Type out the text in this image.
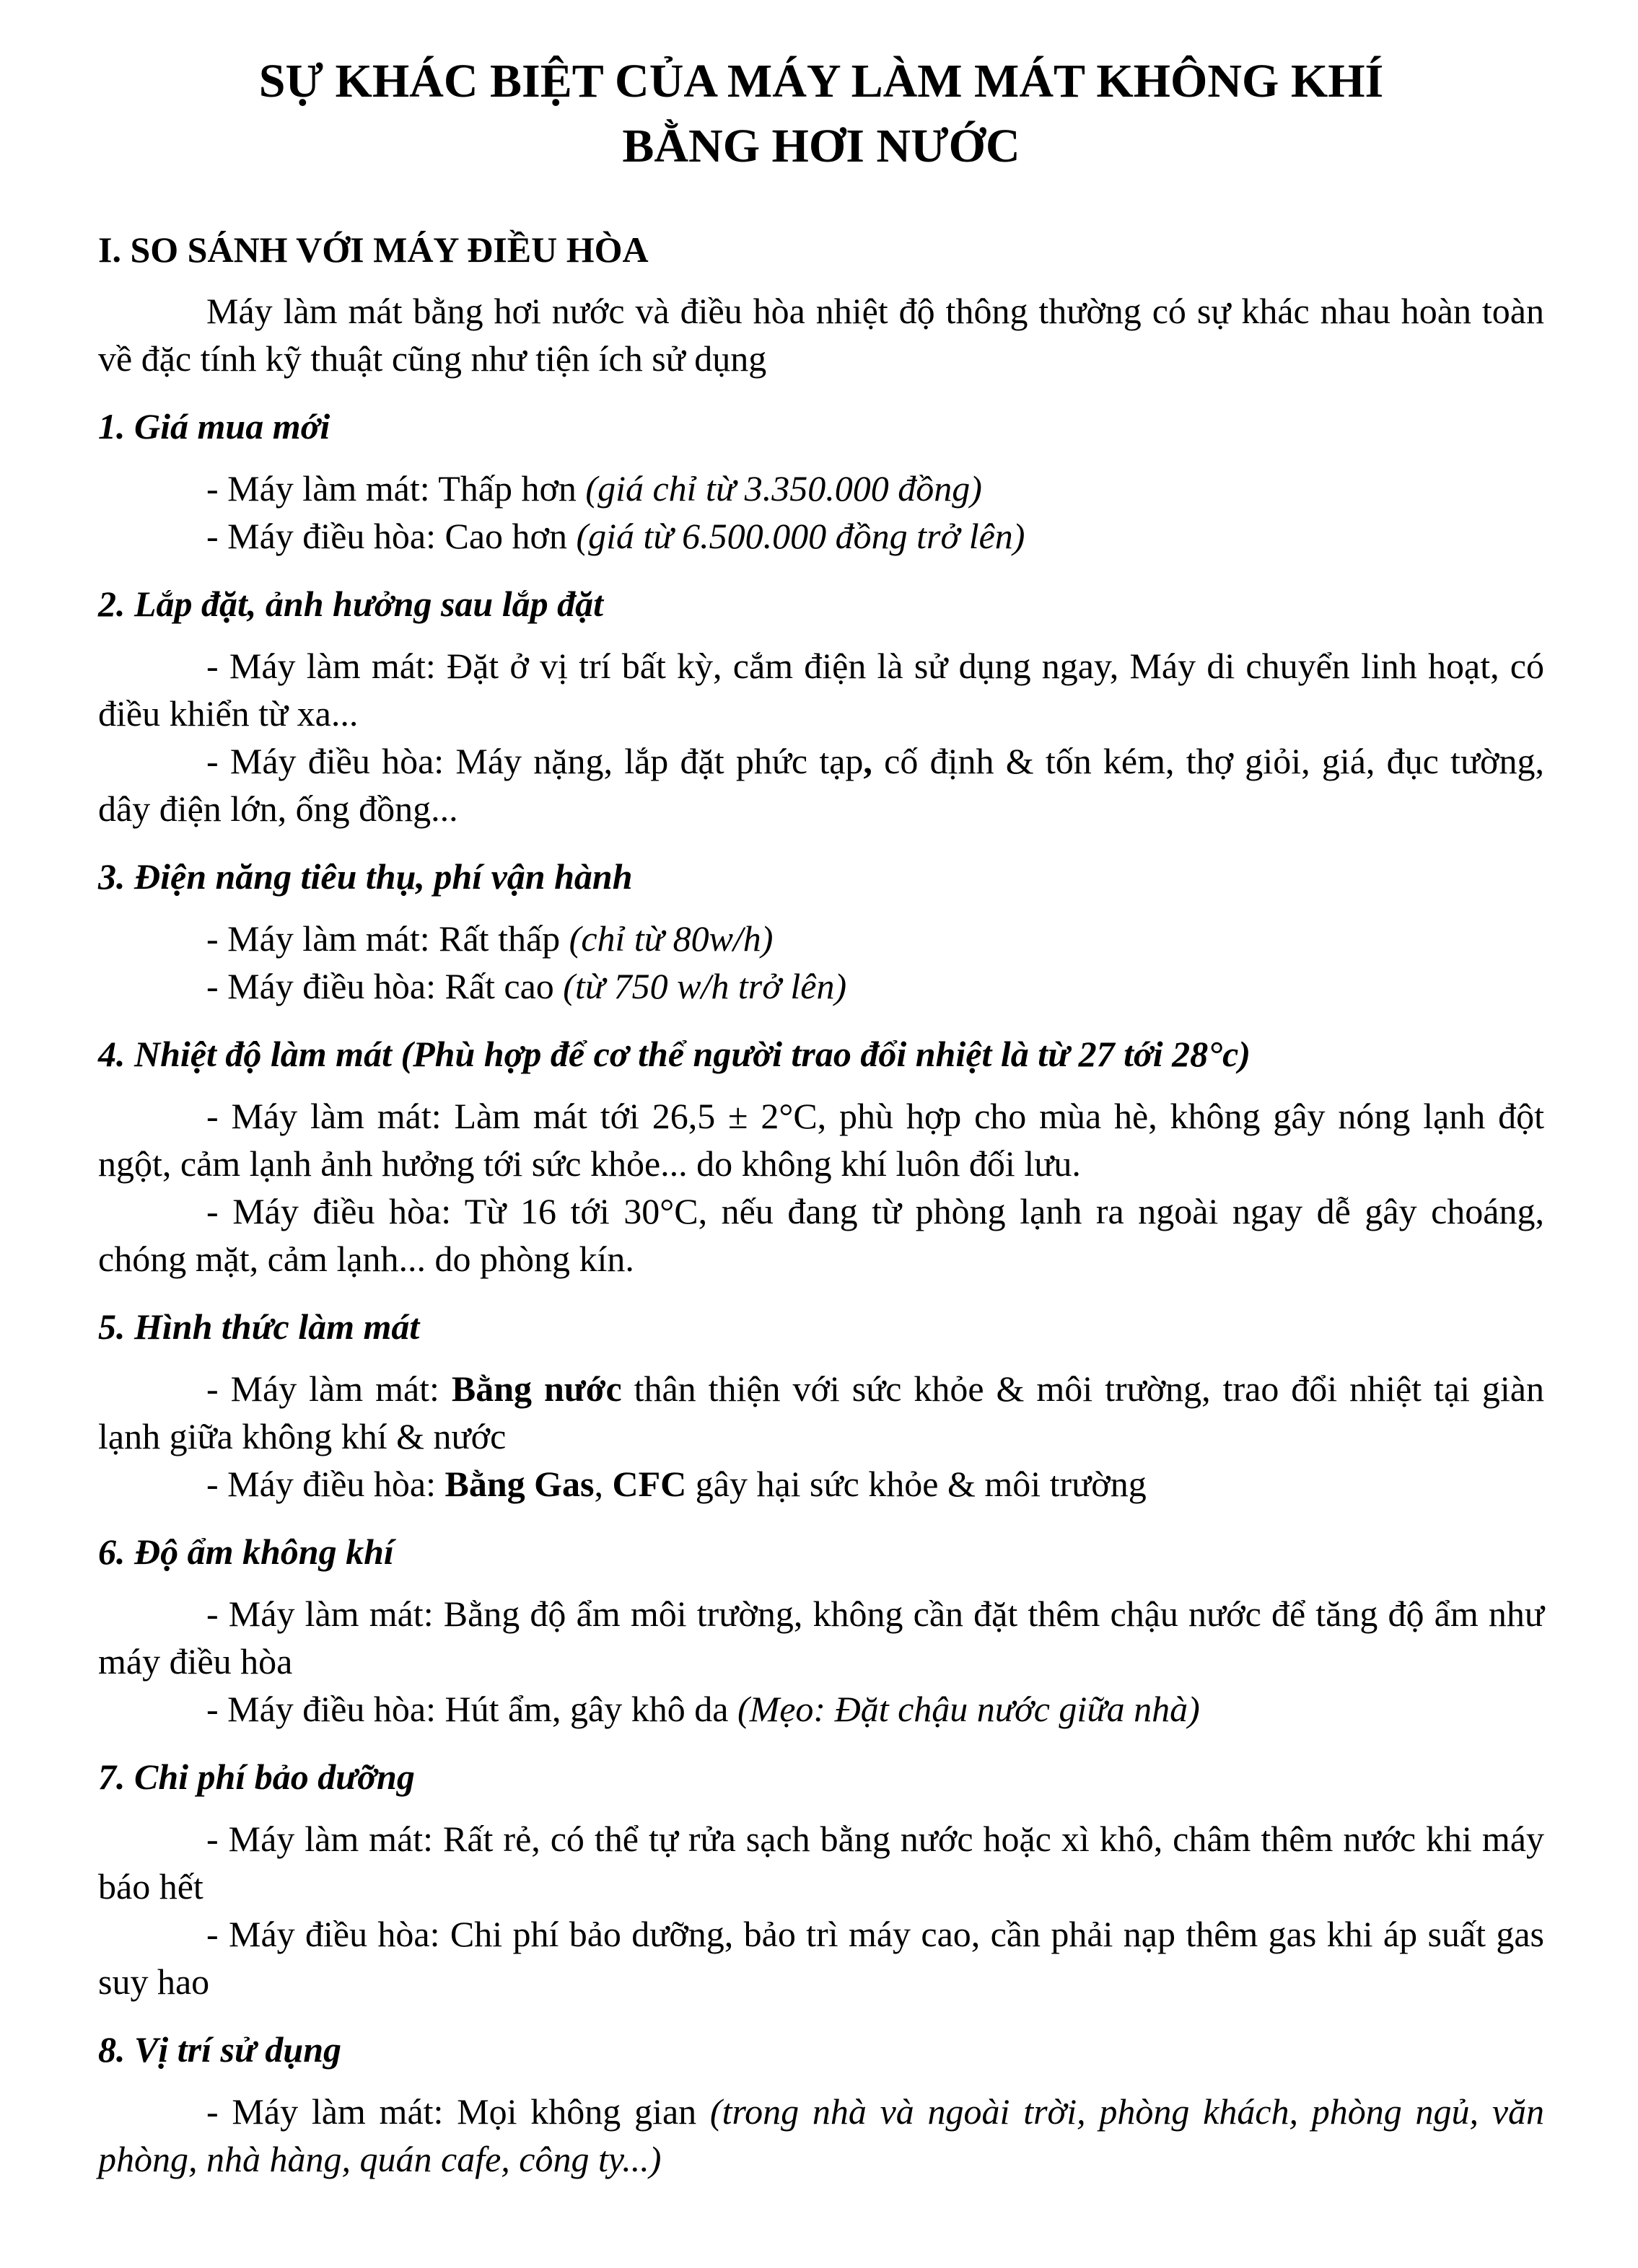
SỰ KHÁC BIỆT CỦA MÁY LÀM MÁT KHÔNG KHÍ
BẰNG HƠI NƯỚC
I. SO SÁNH VỚI MÁY ĐIỀU HÒA

Máy làm mát bằng hơi nước và điều hòa nhiệt độ thông thường có sự khác nhau hoàn toàn về đặc tính kỹ thuật cũng như tiện ích sử dụng

1. Giá mua mới

- Máy làm mát: Thấp hơn (giá chỉ từ 3.350.000 đồng)

- Máy điều hòa: Cao hơn (giá từ 6.500.000 đồng trở lên)

2. Lắp đặt, ảnh hưởng sau lắp đặt

- Máy làm mát: Đặt ở vị trí bất kỳ, cắm điện là sử dụng ngay, Máy di chuyển linh hoạt, có điều khiển từ xa...

- Máy điều hòa: Máy nặng, lắp đặt phức tạp, cố định & tốn kém, thợ giỏi, giá, đục tường, dây điện lớn, ống đồng...

3. Điện năng tiêu thụ, phí vận hành

- Máy làm mát: Rất thấp (chỉ từ 80w/h)

- Máy điều hòa: Rất cao (từ 750 w/h trở lên)

4. Nhiệt độ làm mát (Phù hợp để cơ thể người trao đổi nhiệt là từ 27 tới 28°c)

- Máy làm mát: Làm mát tới 26,5 ± 2°C, phù hợp cho mùa hè, không gây nóng lạnh đột ngột, cảm lạnh ảnh hưởng tới sức khỏe... do không khí luôn đối lưu.

- Máy điều hòa: Từ 16 tới 30°C, nếu đang từ phòng lạnh ra ngoài ngay dễ gây choáng, chóng mặt, cảm lạnh... do phòng kín.

5. Hình thức làm mát

- Máy làm mát: Bằng nước thân thiện với sức khỏe & môi trường, trao đổi nhiệt tại giàn lạnh giữa không khí & nước

- Máy điều hòa: Bằng Gas, CFC gây hại sức khỏe & môi trường

6. Độ ẩm không khí

- Máy làm mát: Bằng độ ẩm môi trường, không cần đặt thêm chậu nước để tăng độ ẩm như máy điều hòa

- Máy điều hòa: Hút ẩm, gây khô da (Mẹo: Đặt chậu nước giữa nhà)

7. Chi phí bảo dưỡng

- Máy làm mát: Rất rẻ, có thể tự rửa sạch bằng nước hoặc xì khô, châm thêm nước khi máy báo hết

- Máy điều hòa: Chi phí bảo dưỡng, bảo trì máy cao, cần phải nạp thêm gas khi áp suất gas suy hao

8. Vị trí sử dụng

- Máy làm mát: Mọi không gian (trong nhà và ngoài trời, phòng khách, phòng ngủ, văn phòng, nhà hàng, quán cafe, công ty...)
